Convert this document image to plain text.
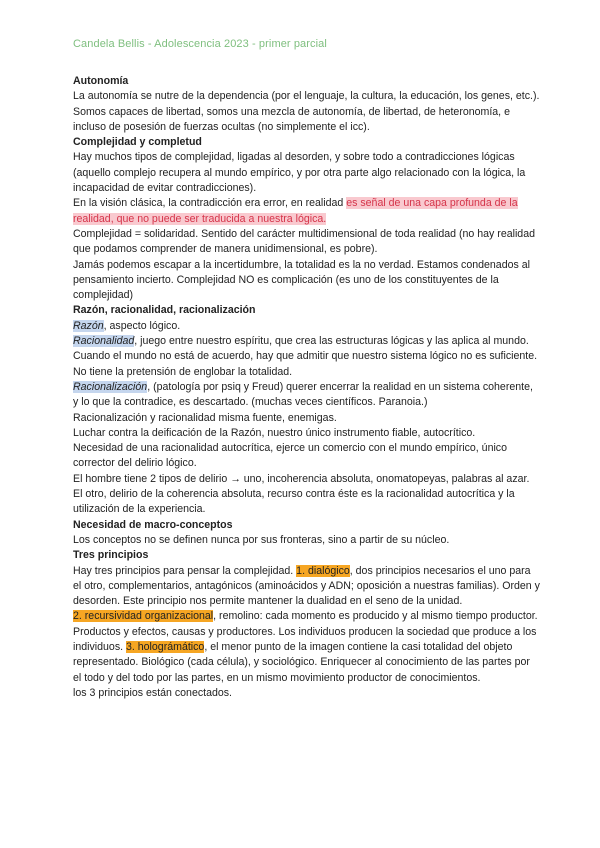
Candela Bellis - Adolescencia 2023 - primer parcial

Autonomía

La autonomía se nutre de la dependencia (por el lenguaje, la cultura, la educación, los genes, etc.).

Somos capaces de libertad, somos una mezcla de autonomía, de libertad, de heteronomía, e incluso de posesión de fuerzas ocultas (no simplemente el icc).

Complejidad y completud

Hay muchos tipos de complejidad, ligadas al desorden, y sobre todo a contradicciones lógicas (aquello complejo recupera al mundo empírico, y por otra parte algo relacionado con la lógica, la incapacidad de evitar contradicciones).

En la visión clásica, la contradicción era error, en realidad es señal de una capa profunda de la realidad, que no puede ser traducida a nuestra lógica.

Complejidad = solidaridad. Sentido del carácter multidimensional de toda realidad (no hay realidad que podamos comprender de manera unidimensional, es pobre).

Jamás podemos escapar a la incertidumbre, la totalidad es la no verdad. Estamos condenados al pensamiento incierto. Complejidad NO es complicación (es uno de los constituyentes de la complejidad)

Razón, racionalidad, racionalización

Razón, aspecto lógico.

Racionalidad, juego entre nuestro espíritu, que crea las estructuras lógicas y las aplica al mundo. Cuando el mundo no está de acuerdo, hay que admitir que nuestro sistema lógico no es suficiente. No tiene la pretensión de englobar la totalidad.

Racionalización, (patología por psiq y Freud) querer encerrar la realidad en un sistema coherente, y lo que la contradice, es descartado. (muchas veces científicos. Paranoia.)

Racionalización y racionalidad misma fuente, enemigas.

Luchar contra la deificación de la Razón, nuestro único instrumento fiable, autocrítico.

Necesidad de una racionalidad autocrítica, ejerce un comercio con el mundo empírico, único corrector del delirio lógico.

El hombre tiene 2 tipos de delirio → uno, incoherencia absoluta, onomatopeyas, palabras al azar. El otro, delirio de la coherencia absoluta, recurso contra éste es la racionalidad autocrítica y la utilización de la experiencia.

Necesidad de macro-conceptos

Los conceptos no se definen nunca por sus fronteras, sino a partir de su núcleo.

Tres principios

Hay tres principios para pensar la complejidad. 1. dialógico, dos principios necesarios el uno para el otro, complementarios, antagónicos (aminoácidos y ADN; oposición a nuestras familias). Orden y desorden. Este principio nos permite mantener la dualidad en el seno de la unidad.

2. recursividad organizacional, remolino: cada momento es producido y al mismo tiempo productor. Productos y efectos, causas y productores. Los individuos producen la sociedad que produce a los individuos. 3. holográmático, el menor punto de la imagen contiene la casi totalidad del objeto representado. Biológico (cada célula), y sociológico. Enriquecer al conocimiento de las partes por el todo y del todo por las partes, en un mismo movimiento productor de conocimientos.

los 3 principios están conectados.
